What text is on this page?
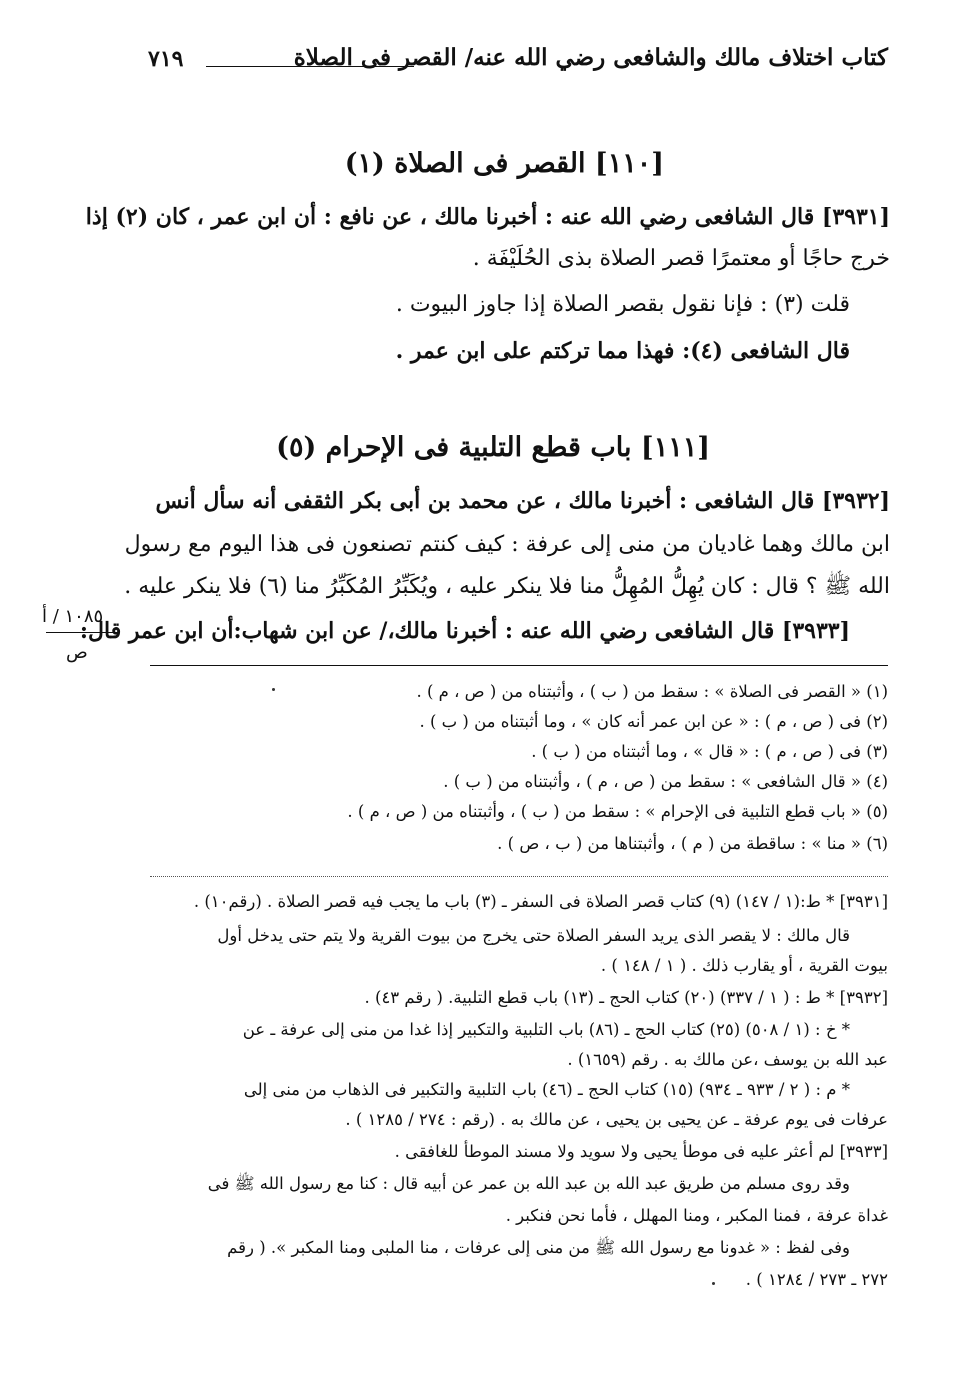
كتاب اختلاف مالك والشافعى رضي الله عنه/ القصر فى الصلاة
٧١٩
[١١٠] القصر فى الصلاة (١)
[٣٩٣١] قال الشافعى رضي الله عنه : أخبرنا مالك ، عن نافع : أن ابن عمر ، كان (٢) إذا
خرج حاجًا أو معتمرًا قصر الصلاة بذى الحُلَيْفَة .
قلت (٣) : فإنا نقول بقصر الصلاة إذا جاوز البيوت .
قال الشافعى (٤): فهذا مما تركتم على ابن عمر .
[١١١] باب قطع التلبية فى الإحرام (٥)
[٣٩٣٢] قال الشافعى : أخبرنا مالك ، عن محمد بن أبى بكر الثقفى أنه سأل أنس
ابن مالك وهما غاديان من منى إلى عرفة : كيف كنتم تصنعون فى هذا اليوم مع رسول
الله ﷺ ؟ قال : كان يُهِلُّ المُهِلُّ منا فلا ينكر عليه ، ويُكَبِّرُ المُكَبِّرُ منا (٦) فلا ينكر عليه .
[٣٩٣٣] قال الشافعى رضي الله عنه : أخبرنا مالك،/ عن ابن شهاب:أن ابن عمر قال:
١٠٨٥ / أ
ص
(١) « القصر فى الصلاة » : سقط من ( ب ) ، وأثبتناه من ( ص ، م ) .
(٢) فى ( ص ، م ) : « عن ابن عمر أنه كان » ، وما أثبتناه من ( ب ) .
(٣) فى ( ص ، م ) : « قال » ، وما أثبتناه من ( ب ) .
(٤) « قال الشافعى » : سقط من ( ص ، م ) ، وأثبتناه من ( ب ) .
(٥) « باب قطع التلبية فى الإحرام » : سقط من ( ب ) ، وأثبتناه من ( ص ، م ) .
(٦) « منا » : ساقطة من ( م ) ، وأثبتناها من ( ب ، ص ) .
[٣٩٣١] * ط:(١ / ١٤٧) (٩) كتاب قصر الصلاة فى السفر ـ (٣) باب ما يجب فيه قصر الصلاة . (رقم١٠) .
قال مالك : لا يقصر الذى يريد السفر الصلاة حتى يخرج من بيوت القرية ولا يتم حتى يدخل أول
بيوت القرية ، أو يقارب ذلك . ( ١ / ١٤٨ ) .
[٣٩٣٢] * ط : ( ١ / ٣٣٧) (٢٠) كتاب الحج ـ (١٣) باب قطع التلبية. ( رقم ٤٣) .
* خ : (١ / ٥٠٨) (٢٥) كتاب الحج ـ (٨٦) باب التلبية والتكبير إذا غدا من منى إلى عرفة ـ عن
عبد الله بن يوسف ،عن مالك به . رقم (١٦٥٩) .
* م : ( ٢ / ٩٣٣ ـ ٩٣٤) (١٥) كتاب الحج ـ (٤٦) باب التلبية والتكبير فى الذهاب من منى إلى
عرفات فى يوم عرفة ـ عن يحيى بن يحيى ، عن مالك به . (رقم : ٢٧٤ / ١٢٨٥ ) .
[٣٩٣٣] لم أعثر عليه فى موطأ يحيى ولا سويد ولا مسند الموطأ للغافقى .
وقد روى مسلم من طريق عبد الله بن عبد الله بن عمر عن أبيه قال : كنا مع رسول الله ﷺ فى
غداة عرفة ، فمنا المكبر ، ومنا المهلل ، فأما نحن فنكبر .
وفى لفظ : « غدونا مع رسول الله ﷺ من منى إلى عرفات ، منا الملبى ومنا المكبر ». ( رقم
٢٧٢ ـ ٢٧٣ / ١٢٨٤ ) .
